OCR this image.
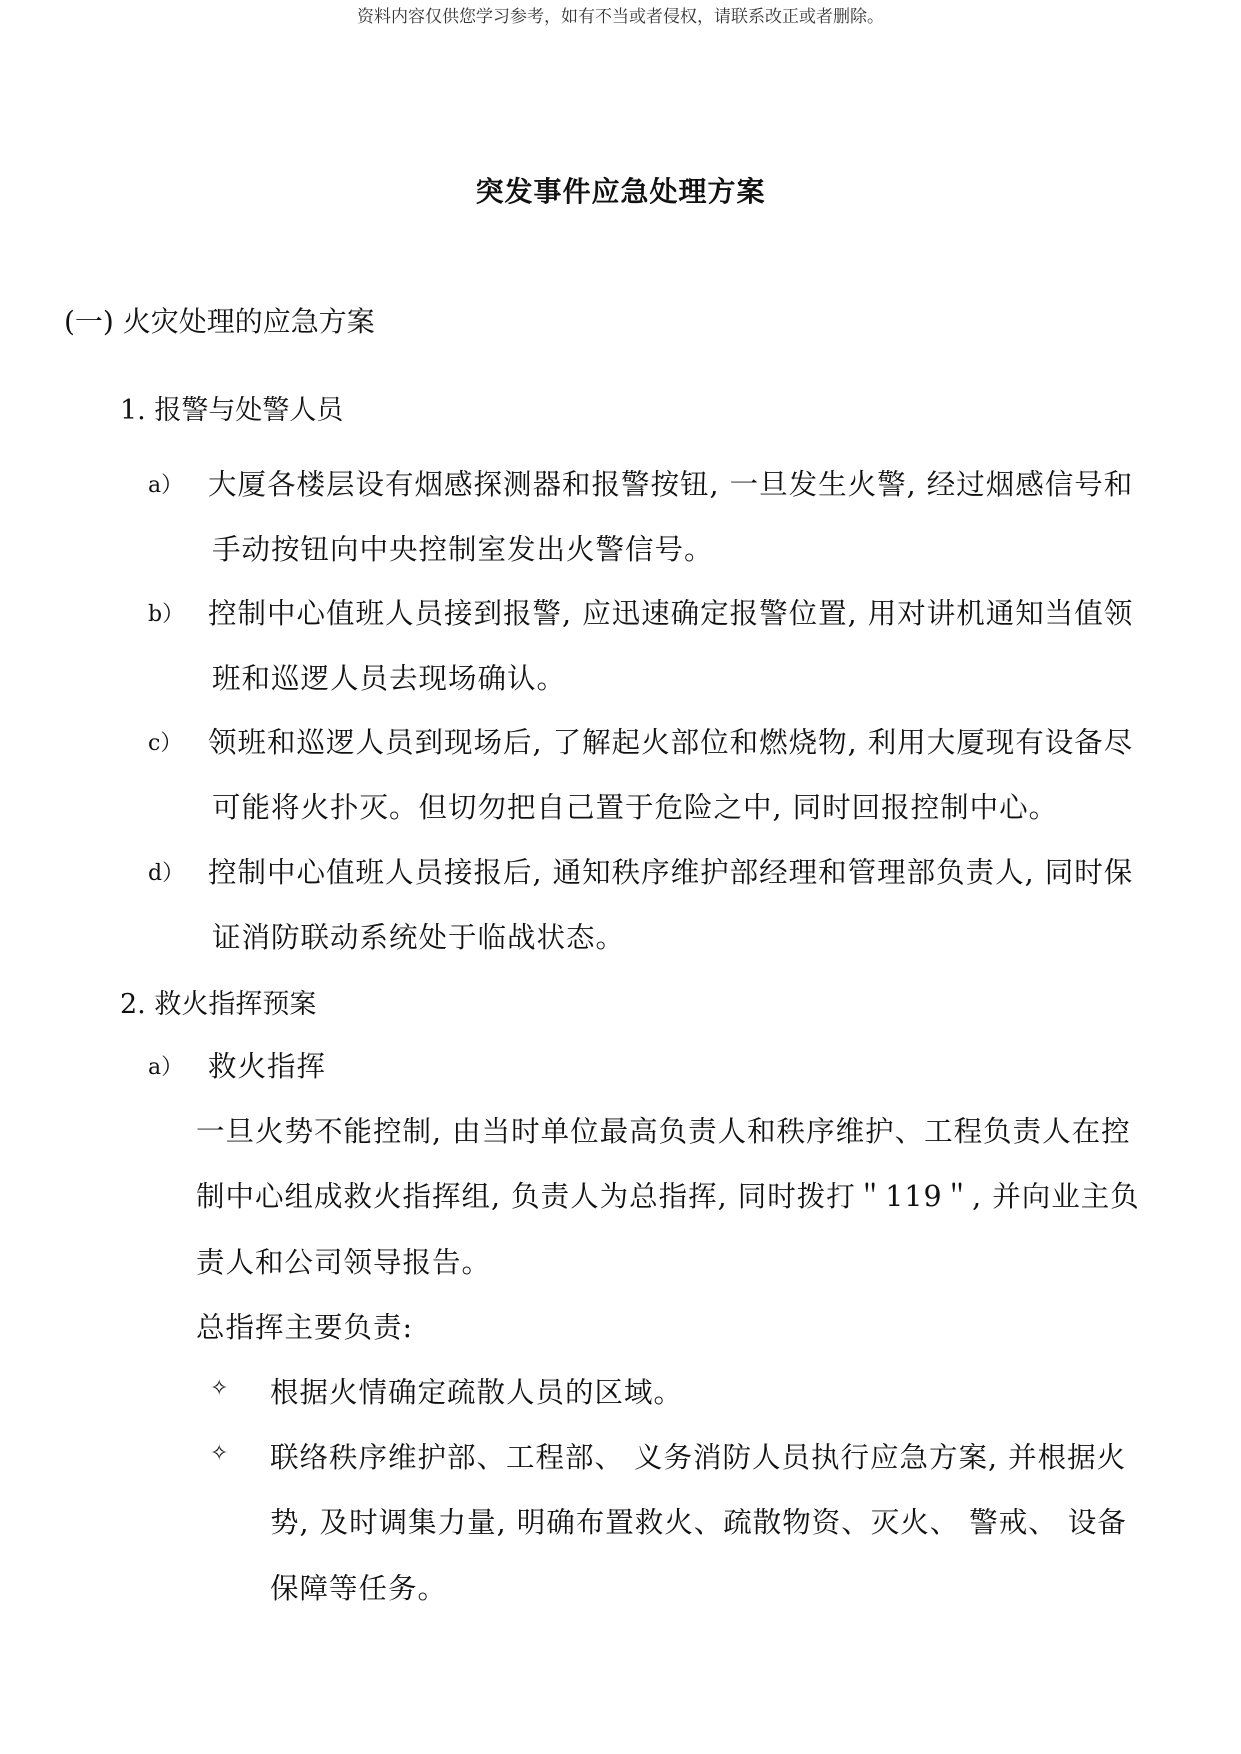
资料内容仅供您学习参考，如有不当或者侵权，请联系改正或者删除。
突发事件应急处理方案
(一) 火灾处理的应急方案
1. 报警与处警人员
a） 大厦各楼层设有烟感探测器和报警按钮, 一旦发生火警, 经过烟感信号和
手动按钮向中央控制室发出火警信号。
b） 控制中心值班人员接到报警, 应迅速确定报警位置, 用对讲机通知当值领
班和巡逻人员去现场确认。
c） 领班和巡逻人员到现场后, 了解起火部位和燃烧物, 利用大厦现有设备尽
可能将火扑灭。但切勿把自己置于危险之中, 同时回报控制中心。
d） 控制中心值班人员接报后, 通知秩序维护部经理和管理部负责人, 同时保
证消防联动系统处于临战状态。
2. 救火指挥预案
a） 救火指挥
一旦火势不能控制, 由当时单位最高负责人和秩序维护、工程负责人在控
制中心组成救火指挥组, 负责人为总指挥, 同时拨打＂119＂, 并向业主负
责人和公司领导报告。
总指挥主要负责:
✧ 根据火情确定疏散人员的区域。
✧ 联络秩序维护部、工程部、 义务消防人员执行应急方案, 并根据火
势, 及时调集力量, 明确布置救火、疏散物资、灭火、 警戒、 设备
保障等任务。
